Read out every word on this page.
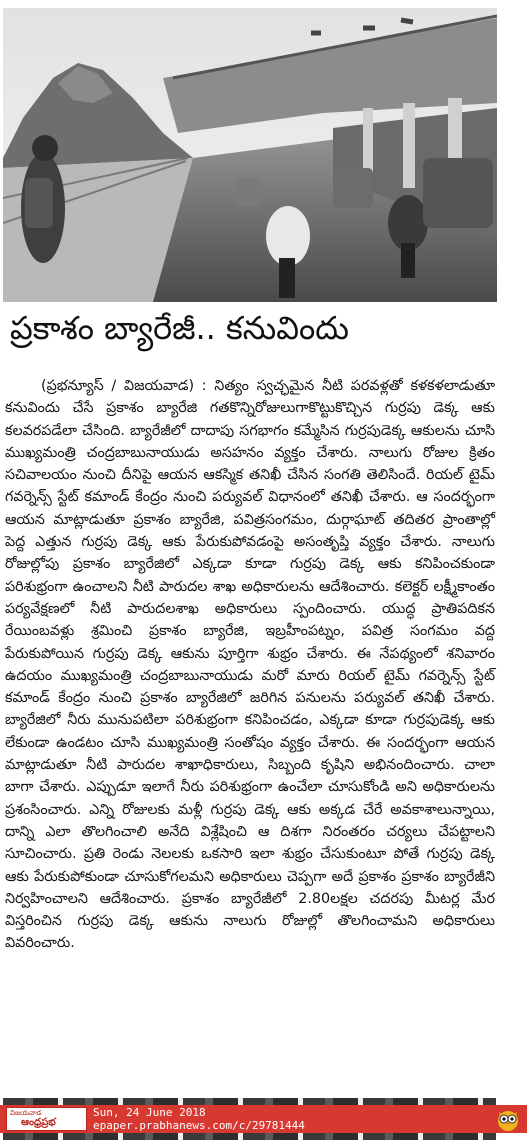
ప్రకాశం బ్యారేజీ.. కనువిందు

(ప్రభన్యూస్ / విజయవాడ) : నిత్యం స్వచ్ఛమైన నీటి పరవళ్లతో కళకళలాడుతూ కనువిందు చేసే ప్రకాశం బ్యారేజి గతకొన్నిరోజులుగాకొట్టుకొచ్చిన గుర్రపు డెక్క ఆకు కలవరపడేలా చేసింది. బ్యారేజీలో దాదాపు సగభాగం కమ్మేసిన గుర్రపుడెక్క ఆకులను చూసి ముఖ్యమంత్రి చంద్రబాబునాయుడు అసహనం వ్యక్తం చేశారు. నాలుగు రోజుల క్రితం సచివాలయం నుంచి దీనిపై ఆయన ఆకస్మిక తనిఖీ చేసిన సంగతి తెలిసిందే. రియల్ టైమ్ గవర్నెన్స్ స్టేట్ కమాండ్ కేంద్రం నుంచి పర్యువల్ విధానంలో తనిఖీ చేశారు. ఆ సందర్భంగా ఆయన మాట్లాడుతూ ప్రకాశం బ్యారేజి, పవిత్రసంగమం, దుర్గాఘాట్ తదితర ప్రాంతాల్లో పెద్ద ఎత్తున గుర్రపు డెక్క ఆకు పేరుకుపోవడంపై అసంతృప్తి వ్యక్తం చేశారు. నాలుగు రోజుల్లోపు ప్రకాశం బ్యారేజిలో ఎక్కడా కూడా గుర్రపు డెక్క ఆకు కనిపించకుండా పరిశుభ్రంగా ఉంచాలని నీటి పారుదల శాఖ అధికారులను ఆదేశించారు. కలెక్టర్ లక్ష్మీకాంతం పర్యవేక్షణలో నీటి పారుదలశాఖ అధికారులు స్పందించారు. యుద్ధ ప్రాతిపదికన రేయింబవళ్లు శ్రమించి ప్రకాశం బ్యారేజి, ఇబ్రహీంపట్నం, పవిత్ర సంగమం వద్ద పేరుకుపోయిన గుర్రపు డెక్క ఆకును పూర్తిగా శుభ్రం చేశారు. ఈ నేపథ్యంలో శనివారం ఉదయం ముఖ్యమంత్రి చంద్రబాబునాయుడు మరో మారు రియల్ టైమ్ గవర్నెన్స్ స్టేట్ కమాండ్ కేంద్రం నుంచి ప్రకాశం బ్యారేజిలో జరిగిన పనులను పర్యువల్ తనిఖీ చేశారు. బ్యారేజిలో నీరు మునుపటిలా పరిశుభ్రంగా కనిపించడం, ఎక్కడా కూడా గుర్రపుడెక్క ఆకు లేకుండా ఉండటం చూసి ముఖ్యమంత్రి సంతోషం వ్యక్తం చేశారు. ఈ సందర్భంగా ఆయన మాట్లాడుతూ నీటి పారుదల శాఖాధికారులు, సిబ్బంది కృషిని అభినందించారు. చాలా బాగా చేశారు. ఎప్పుడూ ఇలాగే నీరు పరిశుభ్రంగా ఉంచేలా చూసుకోండి అని అధికారులను ప్రశంసించారు. ఎన్ని రోజులకు మళ్లీ గుర్రపు డెక్క ఆకు అక్కడ చేరే అవకాశాలున్నాయి, దాన్ని ఎలా తొలగించాలి అనేది విశ్లేషించి ఆ దిశగా నిరంతరం చర్యలు చేపట్టాలని సూచించారు. ప్రతి రెండు నెలలకు ఒకసారి ఇలా శుభ్రం చేసుకుంటూ పోతే గుర్రపు డెక్క ఆకు పేరుకుపోకుండా చూసుకోగలమని అధికారులు చెప్పగా అదే ప్రకాశం ప్రకాశం బ్యారేజీని నిర్వహించాలని ఆదేశించారు. ప్రకాశం బ్యారేజీలో 2.80లక్షల చదరపు మీటర్ల మేర విస్తరించిన గుర్రపు డెక్క ఆకును నాలుగు రోజుల్లో తొలగించామని అధికారులు వివరించారు.

విజయవాడ
ఆంధ్రప్రభ
Sun, 24 June 2018
epaper.prabhanews.com/c/29781444
